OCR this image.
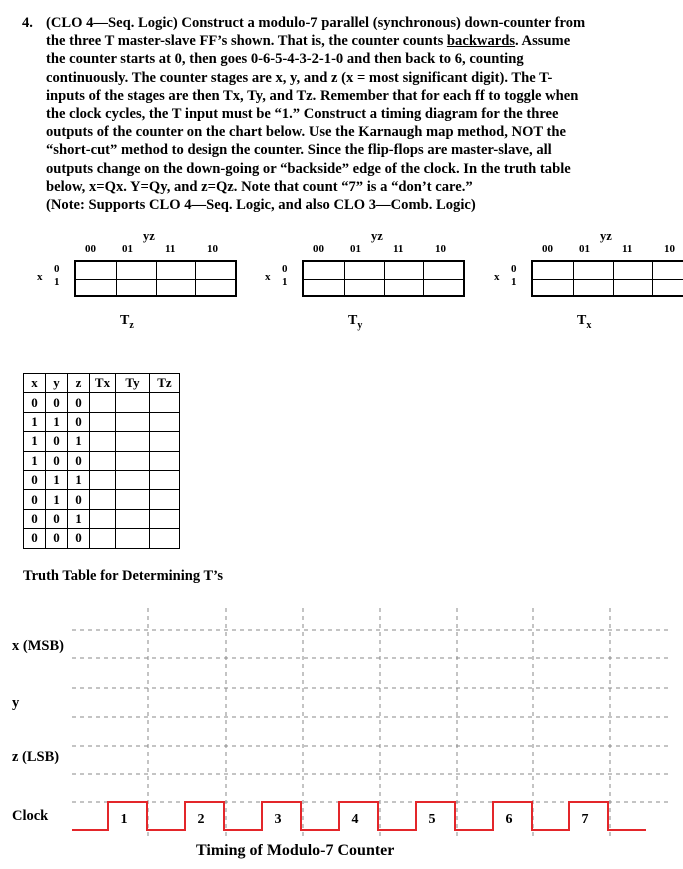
4. (CLO 4—Seq. Logic) Construct a modulo-7 parallel (synchronous) down-counter from
the three T master-slave FF’s shown. That is, the counter counts backwards. Assume
the counter starts at 0, then goes 0-6-5-4-3-2-1-0 and then back to 6, counting
continuously. The counter stages are x, y, and z (x = most significant digit). The T-
inputs of the stages are then Tx, Ty, and Tz. Remember that for each ff to toggle when
the clock cycles, the T input must be “1.” Construct a timing diagram for the three
outputs of the counter on the chart below. Use the Karnaugh map method, NOT the
“short-cut” method to design the counter. Since the flip-flops are master-slave, all
outputs change on the down-going or “backside” edge of the clock. In the truth table
below, x=Qx. Y=Qy, and z=Qz. Note that count “7” is a “don’t care.”
(Note: Supports CLO 4—Seq. Logic, and also CLO 3—Comb. Logic)
yz
00 01	11	10
x
0
1
$T_z$
yz
00 01	11	10
x
0
1
$T_y$
yz
00 01	11	10
x
0
1
$T_x$
x	y	z	Tx	Ty	Tz
0	0	0			
1	1	0			
1	0	1			
1	0	0			
0	1	1			
0	1	0			
0	0	1			
0	0	0			
Truth Table for Determining T’s
x (MSB)
y
z (LSB)
Clock	1	2	3	4	5	6	7
Timing of Modulo-7 Counter
